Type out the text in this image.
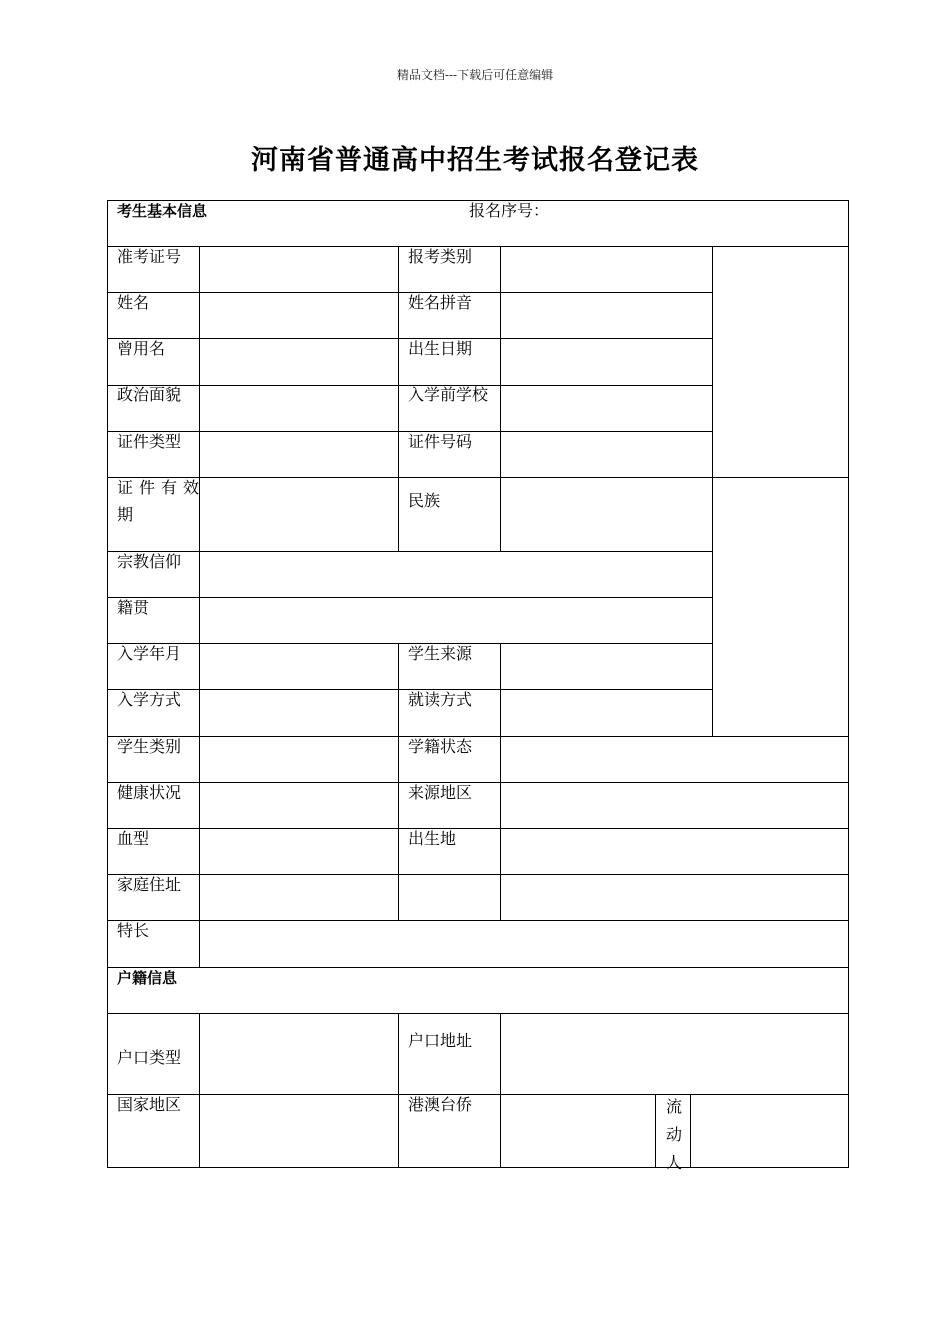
精品文档---下载后可任意编辑
河南省普通高中招生考试报名登记表
考生基本信息	报名序号：
户籍信息
准考证号
姓名
曾用名
政治面貌
证件类型
证件有效
期
宗教信仰
籍贯
入学年月
入学方式
学生类别
健康状况
血型
家庭住址
特长
户口类型
国家地区
报考类别
姓名拼音
出生日期
入学前学校
证件号码
民族
学生来源
就读方式
学籍状态
来源地区
出生地
户口地址
港澳台侨	流
动
人
